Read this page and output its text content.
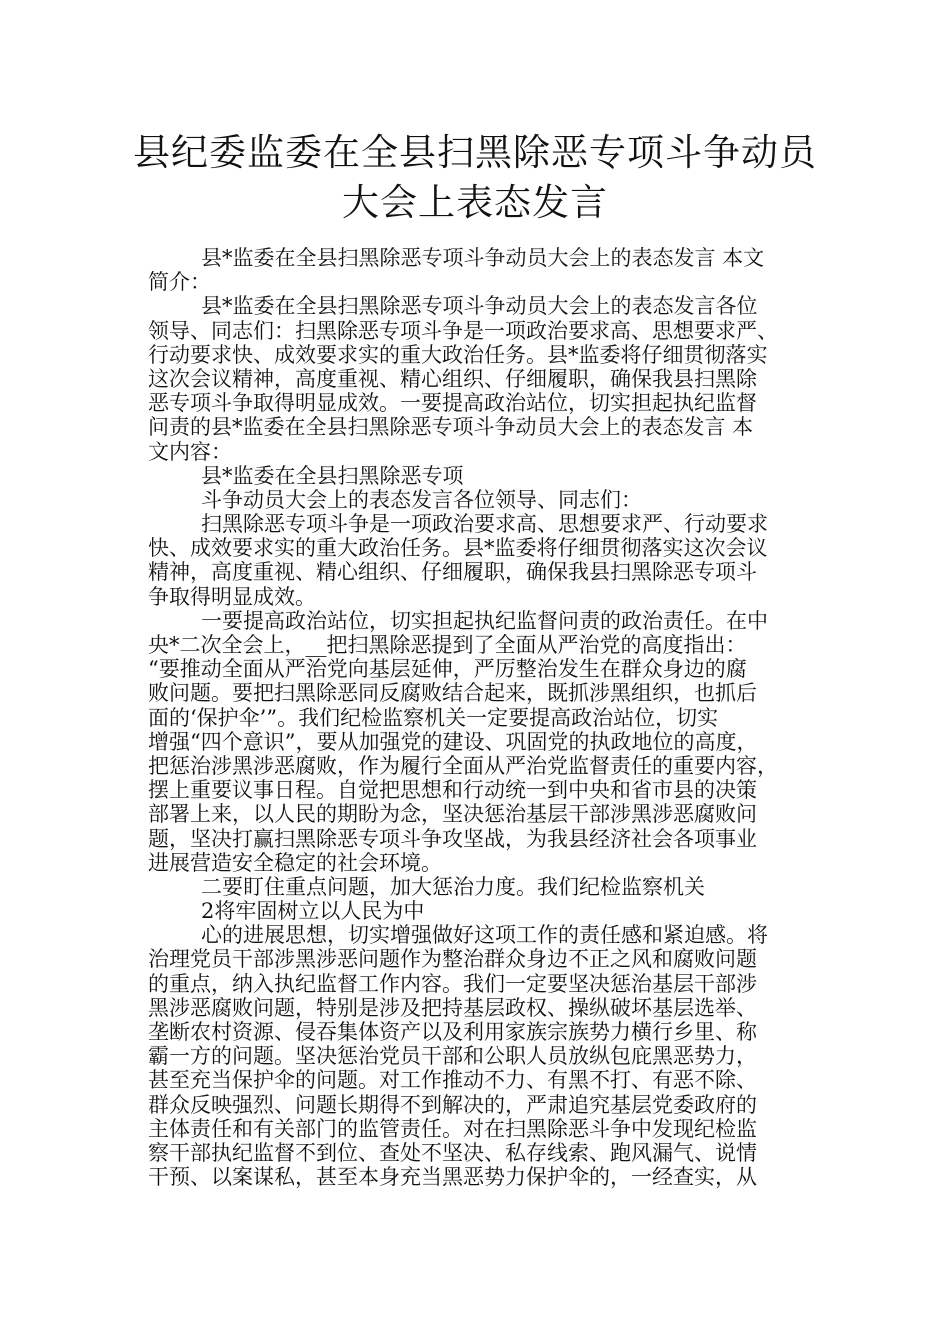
县纪委监委在全县扫黑除恶专项斗争动员
大会上表态发言
县*监委在全县扫黑除恶专项斗争动员大会上的表态发言 本文
简介：
县*监委在全县扫黑除恶专项斗争动员大会上的表态发言各位
领导、同志们：扫黑除恶专项斗争是一项政治要求高、思想要求严、
行动要求快、成效要求实的重大政治任务。县*监委将仔细贯彻落实
这次会议精神，高度重视、精心组织、仔细履职，确保我县扫黑除
恶专项斗争取得明显成效。一要提高政治站位，切实担起执纪监督
问责的县*监委在全县扫黑除恶专项斗争动员大会上的表态发言 本
文内容：
县*监委在全县扫黑除恶专项
斗争动员大会上的表态发言各位领导、同志们：
扫黑除恶专项斗争是一项政治要求高、思想要求严、行动要求
快、成效要求实的重大政治任务。县*监委将仔细贯彻落实这次会议
精神，高度重视、精心组织、仔细履职，确保我县扫黑除恶专项斗
争取得明显成效。
一要提高政治站位，切实担起执纪监督问责的政治责任。在中
央*二次全会上，__把扫黑除恶提到了全面从严治党的高度指出：
“要推动全面从严治党向基层延伸，严厉整治发生在群众身边的腐
败问题。要把扫黑除恶同反腐败结合起来，既抓涉黑组织，也抓后
面的‘保护伞’”。我们纪检监察机关一定要提高政治站位，切实
增强“四个意识”，要从加强党的建设、巩固党的执政地位的高度，
把惩治涉黑涉恶腐败，作为履行全面从严治党监督责任的重要内容，
摆上重要议事日程。自觉把思想和行动统一到中央和省市县的决策
部署上来，以人民的期盼为念，坚决惩治基层干部涉黑涉恶腐败问
题，坚决打赢扫黑除恶专项斗争攻坚战，为我县经济社会各项事业
进展营造安全稳定的社会环境。
二要盯住重点问题，加大惩治力度。我们纪检监察机关
2将牢固树立以人民为中
心的进展思想，切实增强做好这项工作的责任感和紧迫感。将
治理党员干部涉黑涉恶问题作为整治群众身边不正之风和腐败问题
的重点，纳入执纪监督工作内容。我们一定要坚决惩治基层干部涉
黑涉恶腐败问题，特别是涉及把持基层政权、操纵破坏基层选举、
垄断农村资源、侵吞集体资产以及利用家族宗族势力横行乡里、称
霸一方的问题。坚决惩治党员干部和公职人员放纵包庇黑恶势力，
甚至充当保护伞的问题。对工作推动不力、有黑不打、有恶不除、
群众反映强烈、问题长期得不到解决的，严肃追究基层党委政府的
主体责任和有关部门的监管责任。对在扫黑除恶斗争中发现纪检监
察干部执纪监督不到位、查处不坚决、私存线索、跑风漏气、说情
干预、以案谋私，甚至本身充当黑恶势力保护伞的，一经查实，从
